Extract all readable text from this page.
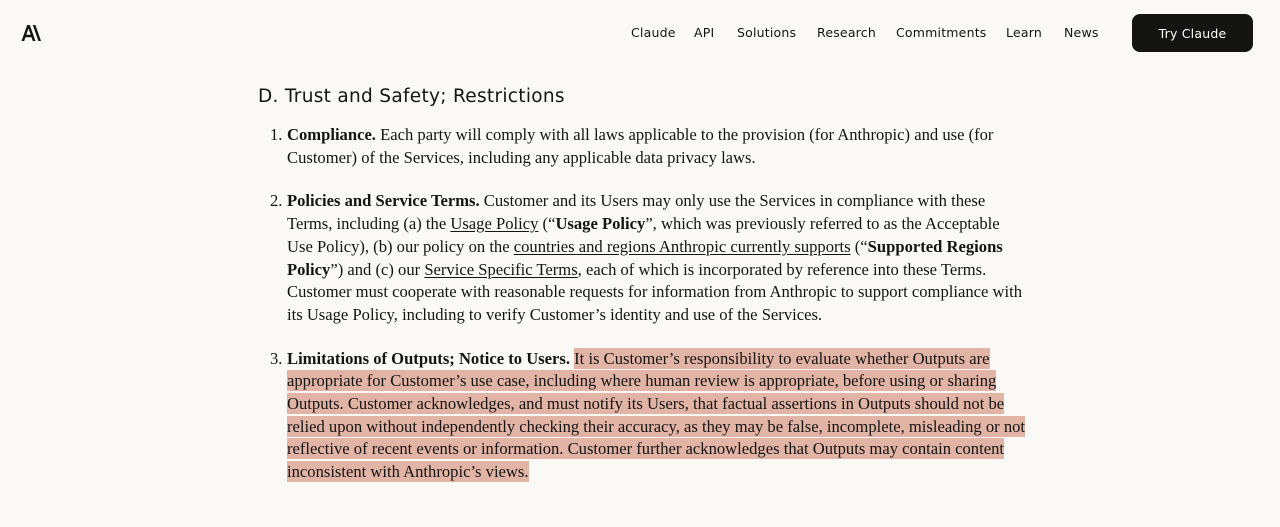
Claude API Solutions Research Commitments Learn News	Try Claude
D. Trust and Safety; Restrictions
1. Compliance. Each party will comply with all laws applicable to the provision (for Anthropic) and use (for Customer) of the Services, including any applicable data privacy laws.
2. Policies and Service Terms. Customer and its Users may only use the Services in compliance with these Terms, including (a) the Usage Policy (“Usage Policy”, which was previously referred to as the Acceptable Use Policy), (b) our policy on the countries and regions Anthropic currently supports (“Supported Regions Policy”) and (c) our Service Specific Terms, each of which is incorporated by reference into these Terms. Customer must cooperate with reasonable requests for information from Anthropic to support compliance with its Usage Policy, including to verify Customer’s identity and use of the Services.
3. Limitations of Outputs; Notice to Users. It is Customer’s responsibility to evaluate whether Outputs are appropriate for Customer’s use case, including where human review is appropriate, before using or sharing Outputs. Customer acknowledges, and must notify its Users, that factual assertions in Outputs should not be relied upon without independently checking their accuracy, as they may be false, incomplete, misleading or not reflective of recent events or information. Customer further acknowledges that Outputs may contain content inconsistent with Anthropic’s views.
